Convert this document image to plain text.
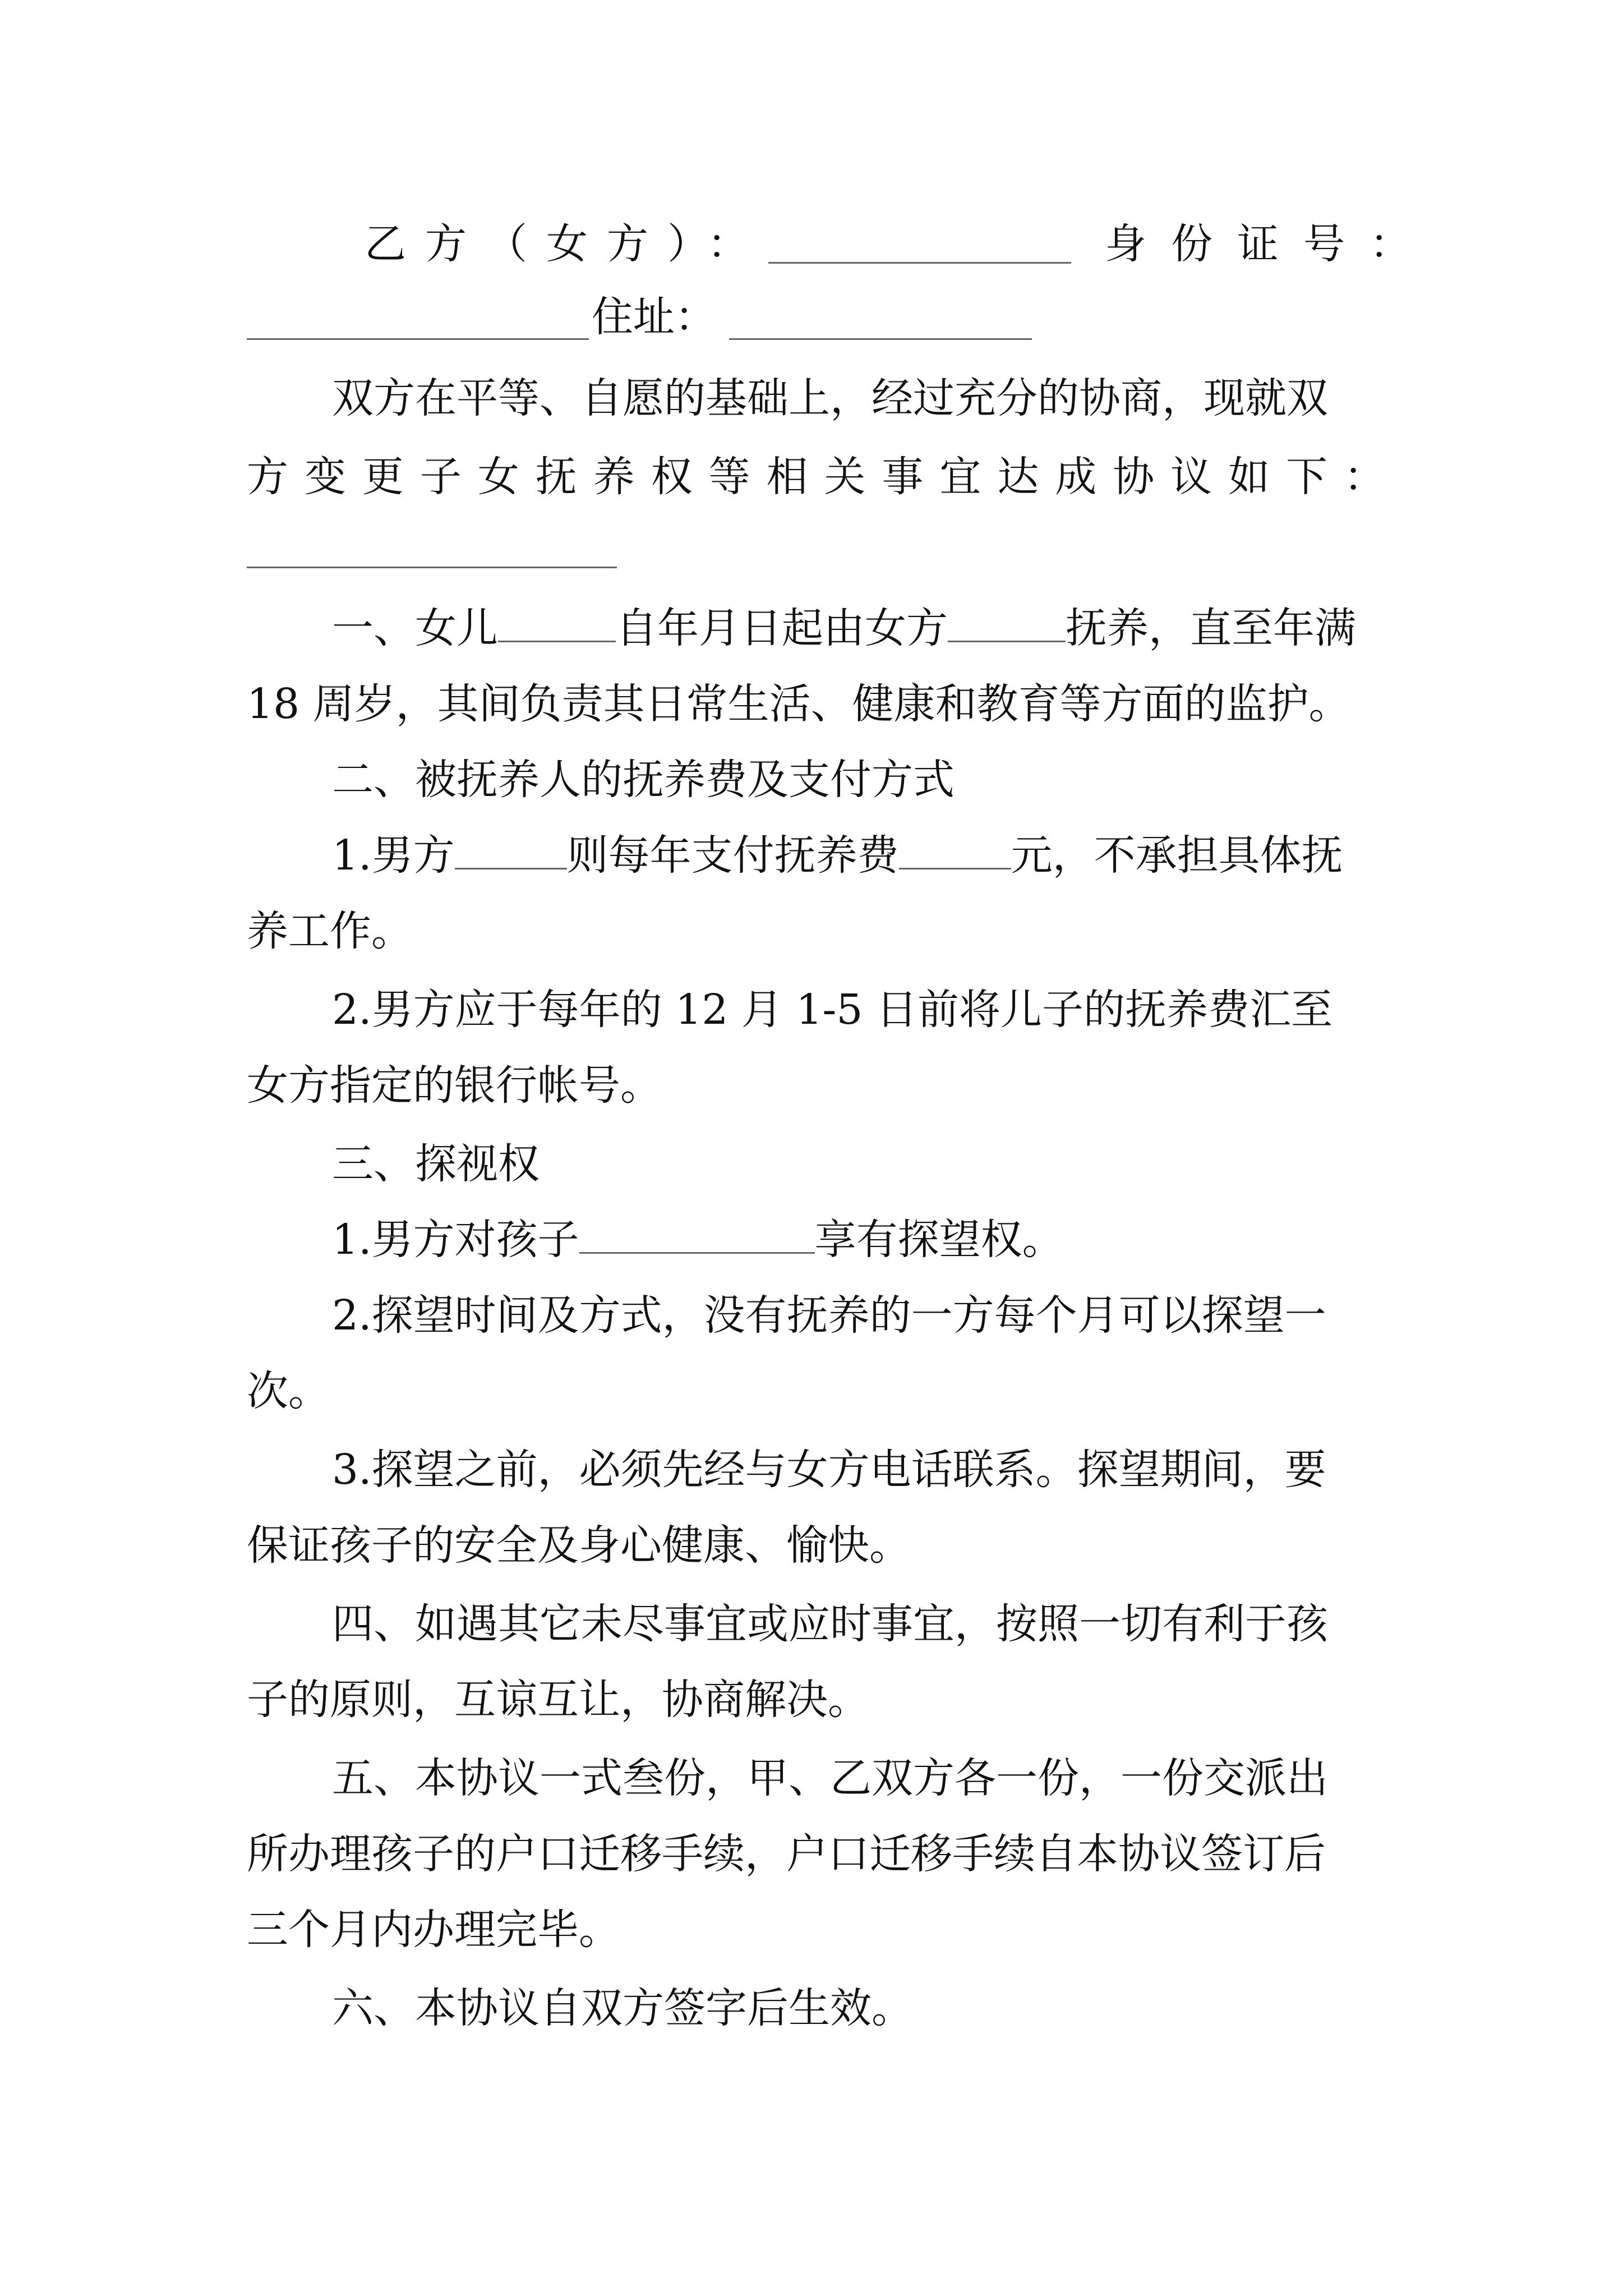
乙方（女方）：	身份证号：
住址：
双方在平等、自愿的基础上，经过充分的协商，现就双
方变更子女抚养权等相关事宜达成协议如下：
一、女儿	自年月日起由女方	抚养，直至年满
18 周岁，其间负责其日常生活、健康和教育等方面的监护。
二、被抚养人的抚养费及支付方式
1.男方	则每年支付抚养费	元，不承担具体抚
养工作。
2.男方应于每年的 12 月 1-5 日前将儿子的抚养费汇至
女方指定的银行帐号。
三、探视权
1.男方对孩子	享有探望权。
2.探望时间及方式，没有抚养的一方每个月可以探望一
次。
3.探望之前，必须先经与女方电话联系。探望期间，要
保证孩子的安全及身心健康、愉快。
四、如遇其它未尽事宜或应时事宜，按照一切有利于孩
子的原则，互谅互让，协商解决。
五、本协议一式叁份，甲、乙双方各一份，一份交派出
所办理孩子的户口迁移手续，户口迁移手续自本协议签订后
三个月内办理完毕。
六、本协议自双方签字后生效。
